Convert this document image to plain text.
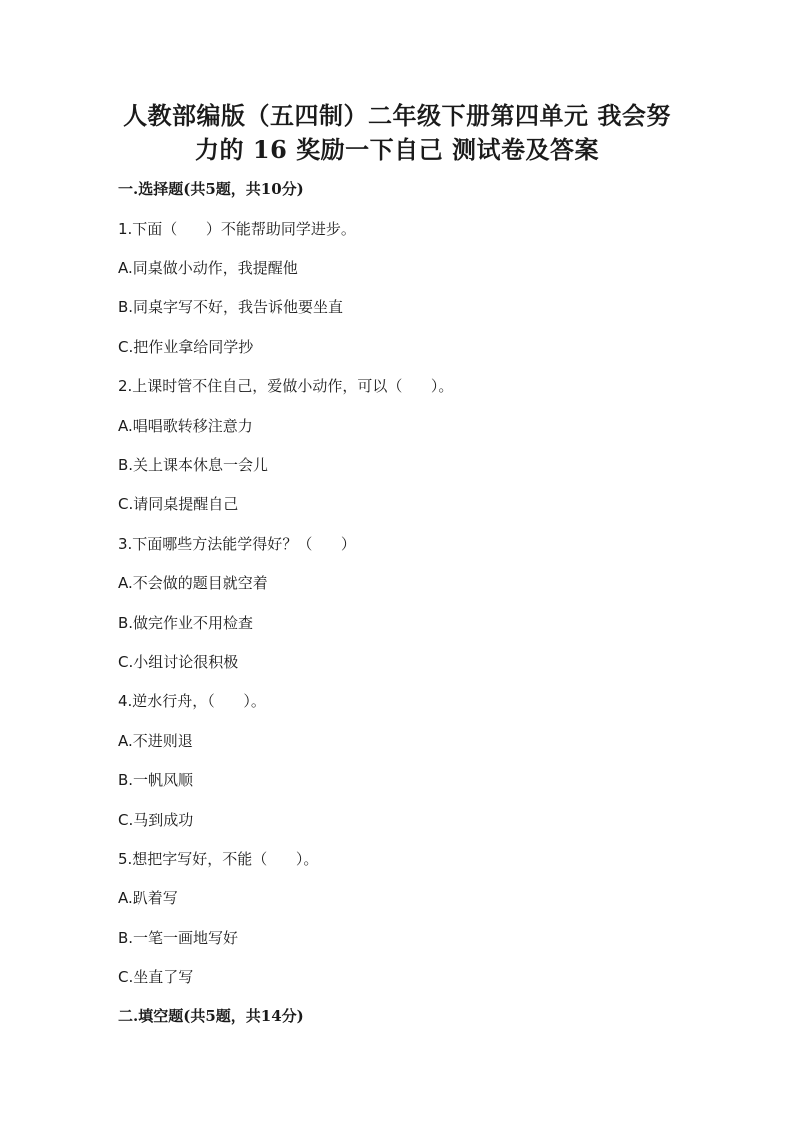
人教部编版（五四制）二年级下册第四单元 我会努
力的 16 奖励一下自己 测试卷及答案
一.选择题(共5题，共10分)
1.下面（      ）不能帮助同学进步。
A.同桌做小动作，我提醒他
B.同桌字写不好，我告诉他要坐直
C.把作业拿给同学抄
2.上课时管不住自己，爱做小动作，可以（      ）。
A.唱唱歌转移注意力
B.关上课本休息一会儿
C.请同桌提醒自己
3.下面哪些方法能学得好？（      ）
A.不会做的题目就空着
B.做完作业不用检查
C.小组讨论很积极
4.逆水行舟，（      ）。
A.不进则退
B.一帆风顺
C.马到成功
5.想把字写好，不能（      ）。
A.趴着写
B.一笔一画地写好
C.坐直了写
二.填空题(共5题，共14分)
